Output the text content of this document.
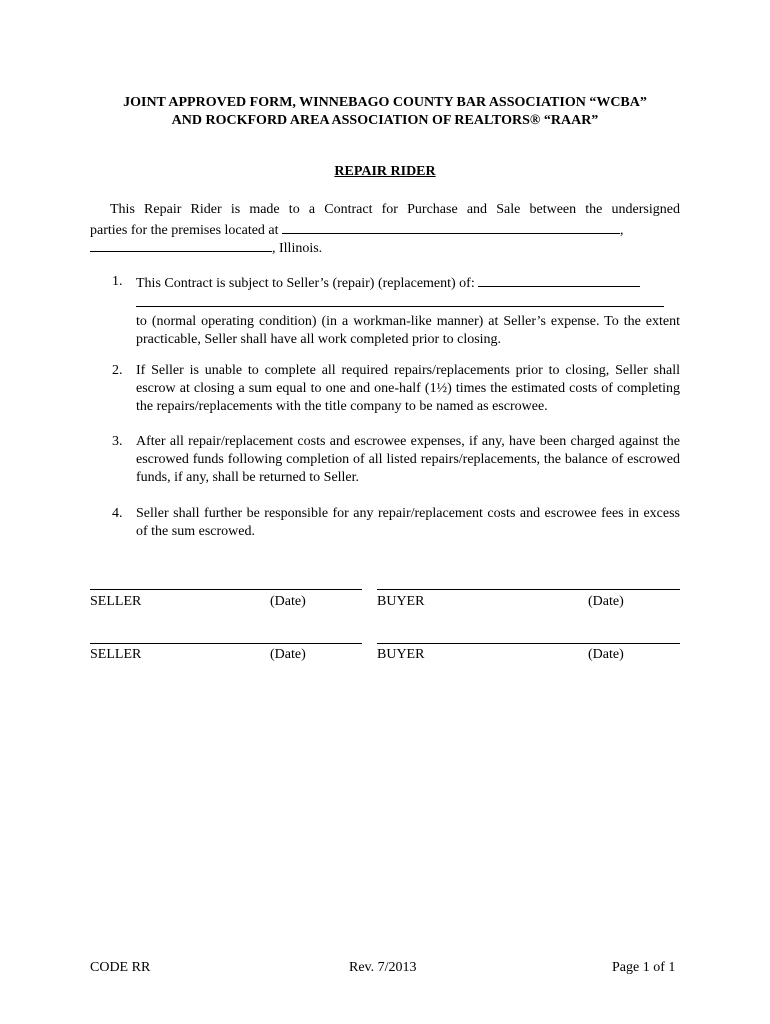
JOINT APPROVED FORM, WINNEBAGO COUNTY BAR ASSOCIATION “WCBA”
AND ROCKFORD AREA ASSOCIATION OF REALTORS® “RAAR”
REPAIR RIDER
This Repair Rider is made to a Contract for Purchase and Sale between the undersigned
parties for the premises located at	,
, Illinois.
1. This Contract is subject to Seller’s (repair) (replacement) of:
to (normal operating condition) (in a workman-like manner) at Seller’s expense. To the extent practicable, Seller shall have all work completed prior to closing.
2. If Seller is unable to complete all required repairs/replacements prior to closing, Seller shall escrow at closing a sum equal to one and one-half (1½) times the estimated costs of completing the repairs/replacements with the title company to be named as escrowee.
3. After all repair/replacement costs and escrowee expenses, if any, have been charged against the escrowed funds following completion of all listed repairs/replacements, the balance of escrowed funds, if any, shall be returned to Seller.
4. Seller shall further be responsible for any repair/replacement costs and escrowee fees in excess of the sum escrowed.
SELLER	(Date)	BUYER	(Date)
SELLER	(Date)	BUYER	(Date)
CODE RR	Rev. 7/2013	Page 1 of 1
